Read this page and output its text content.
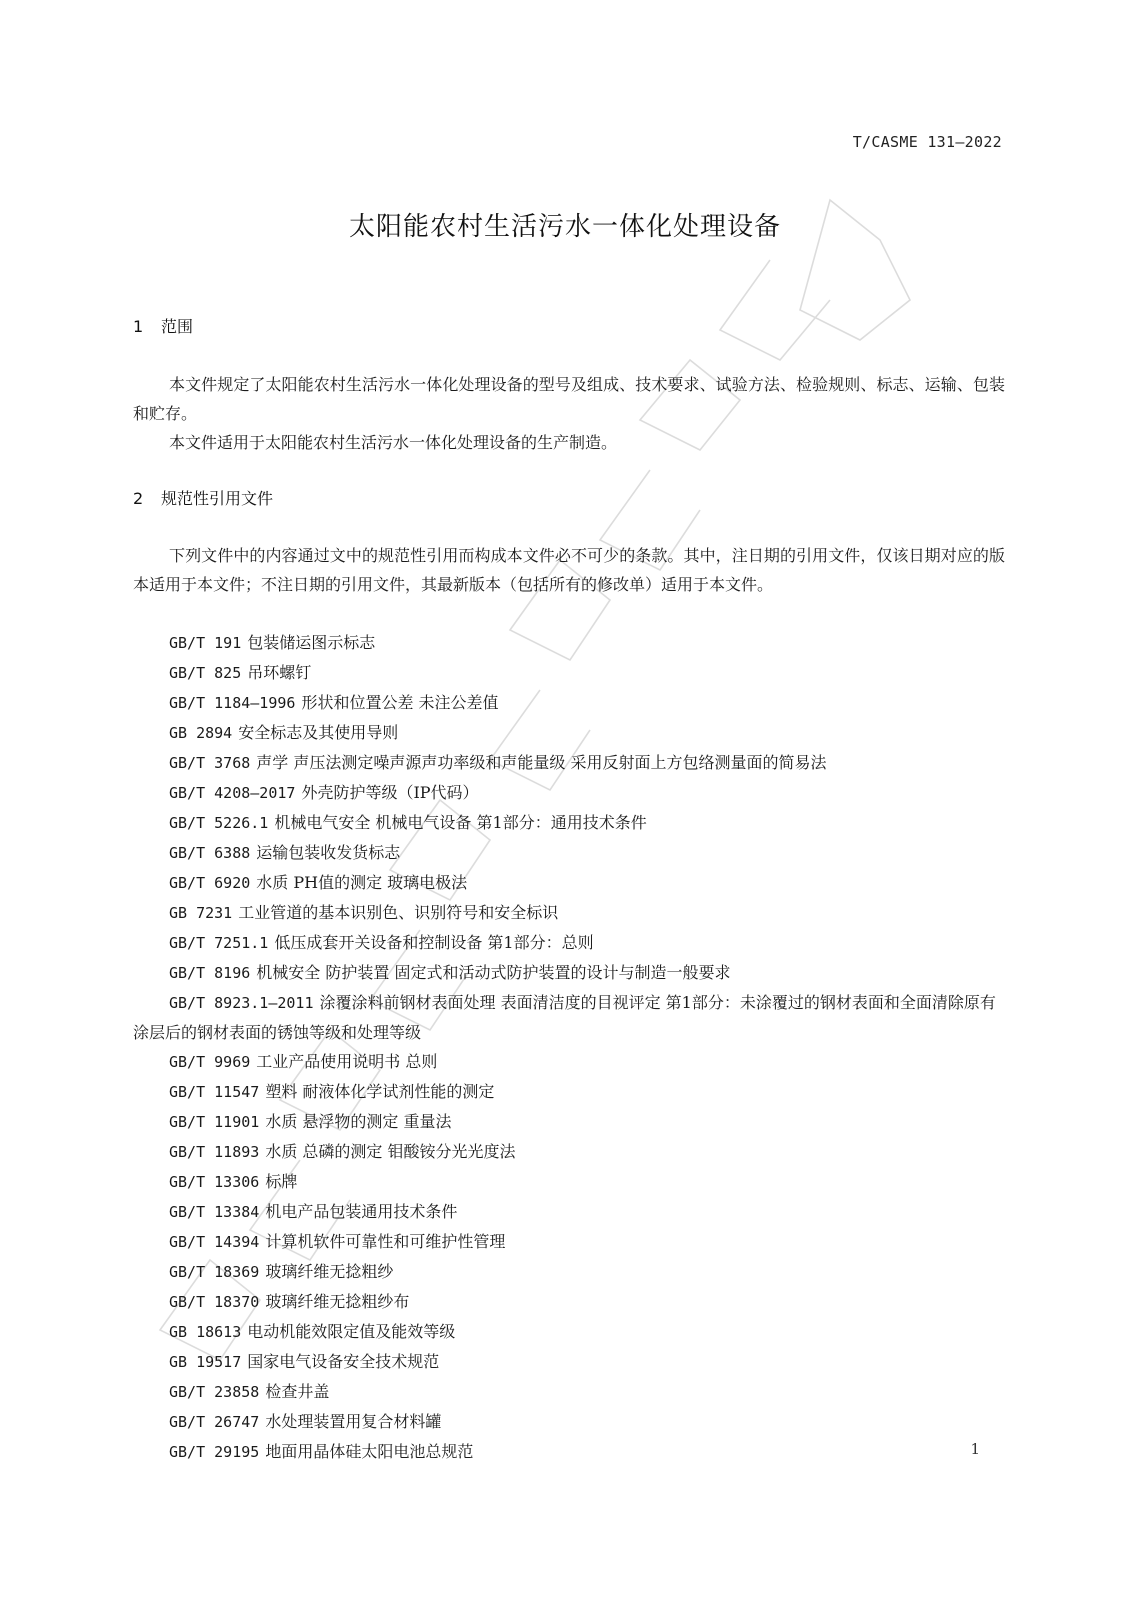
T/CASME 131—2022
太阳能农村生活污水一体化处理设备
1 范围
本文件规定了太阳能农村生活污水一体化处理设备的型号及组成、技术要求、试验方法、检验规则、标志、运输、包装和贮存。
本文件适用于太阳能农村生活污水一体化处理设备的生产制造。
2 规范性引用文件
下列文件中的内容通过文中的规范性引用而构成本文件必不可少的条款。其中，注日期的引用文件，仅该日期对应的版本适用于本文件；不注日期的引用文件，其最新版本（包括所有的修改单）适用于本文件。
GB/T 191 包装储运图示标志
GB/T 825 吊环螺钉
GB/T 1184—1996 形状和位置公差 未注公差值
GB 2894 安全标志及其使用导则
GB/T 3768 声学 声压法测定噪声源声功率级和声能量级 采用反射面上方包络测量面的简易法
GB/T 4208—2017 外壳防护等级（IP代码）
GB/T 5226.1 机械电气安全 机械电气设备 第1部分：通用技术条件
GB/T 6388 运输包装收发货标志
GB/T 6920 水质 PH值的测定 玻璃电极法
GB 7231 工业管道的基本识别色、识别符号和安全标识
GB/T 7251.1 低压成套开关设备和控制设备 第1部分：总则
GB/T 8196 机械安全 防护装置 固定式和活动式防护装置的设计与制造一般要求
GB/T 8923.1—2011 涂覆涂料前钢材表面处理 表面清洁度的目视评定 第1部分：未涂覆过的钢材表面和全面清除原有涂层后的钢材表面的锈蚀等级和处理等级
GB/T 9969 工业产品使用说明书 总则
GB/T 11547 塑料 耐液体化学试剂性能的测定
GB/T 11901 水质 悬浮物的测定 重量法
GB/T 11893 水质 总磷的测定 钼酸铵分光光度法
GB/T 13306 标牌
GB/T 13384 机电产品包装通用技术条件
GB/T 14394 计算机软件可靠性和可维护性管理
GB/T 18369 玻璃纤维无捻粗纱
GB/T 18370 玻璃纤维无捻粗纱布
GB 18613 电动机能效限定值及能效等级
GB 19517 国家电气设备安全技术规范
GB/T 23858 检查井盖
GB/T 26747 水处理装置用复合材料罐
GB/T 29195 地面用晶体硅太阳电池总规范	1
